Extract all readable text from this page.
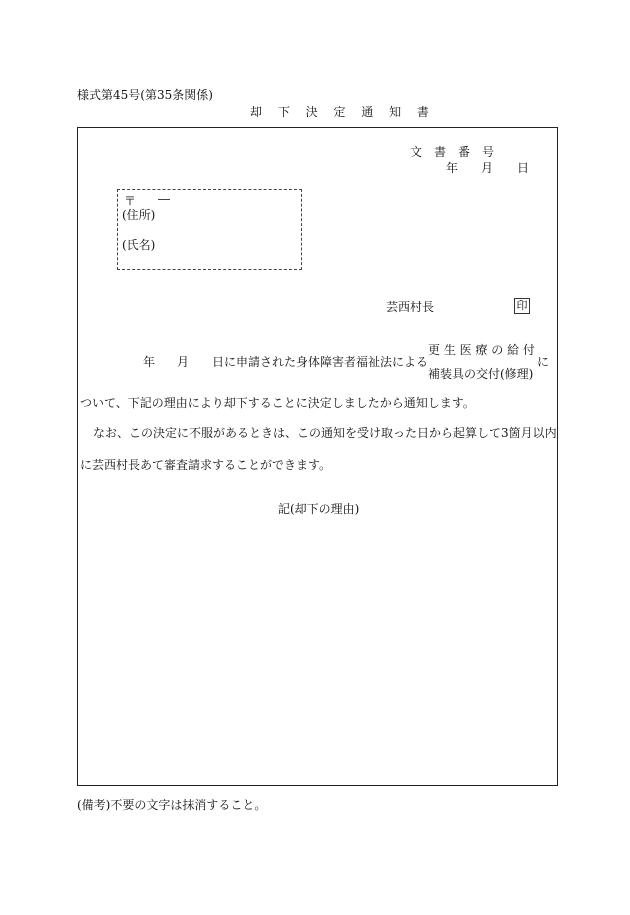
様式第45号(第35条関係)
却 下 決 定 通 知 書
文　書　番　号
年 月 日
〒 ―
(住所)
(氏名)
芸西村長	印
年 月 日に申請された身体障害者福祉法による
更 生 医 療 の 給 付
補装具の交付(修理)
に
ついて、下記の理由により却下することに決定しましたから通知します。
なお、この決定に不服があるときは、この通知を受け取った日から起算して3箇月以内
に芸西村長あて審査請求することができます。
記(却下の理由)
(備考)不要の文字は抹消すること。
